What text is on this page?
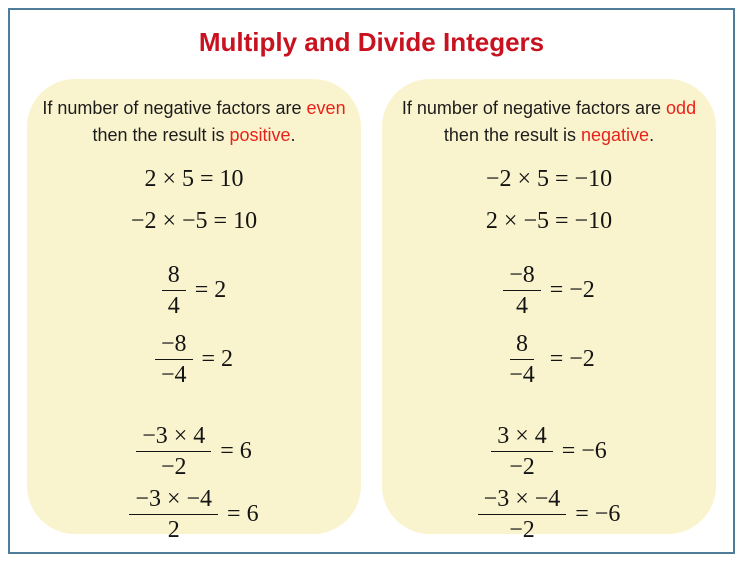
Multiply and Divide Integers

If number of negative factors are even then the result is positive.

2 × 5 = 10
−2 × −5 = 10
$\frac{8}{4} = 2$
$\frac{-8}{-4} = 2$
$\frac{-3 \times 4}{-2} = 6$
$\frac{-3 \times -4}{2} = 6$

If number of negative factors are odd then the result is negative.

−2 × 5 = −10
2 × −5 = −10
$\frac{-8}{4} = -2$
$\frac{8}{-4} = -2$
$\frac{3 \times 4}{-2} = -6$
$\frac{-3 \times -4}{-2} = -6$
